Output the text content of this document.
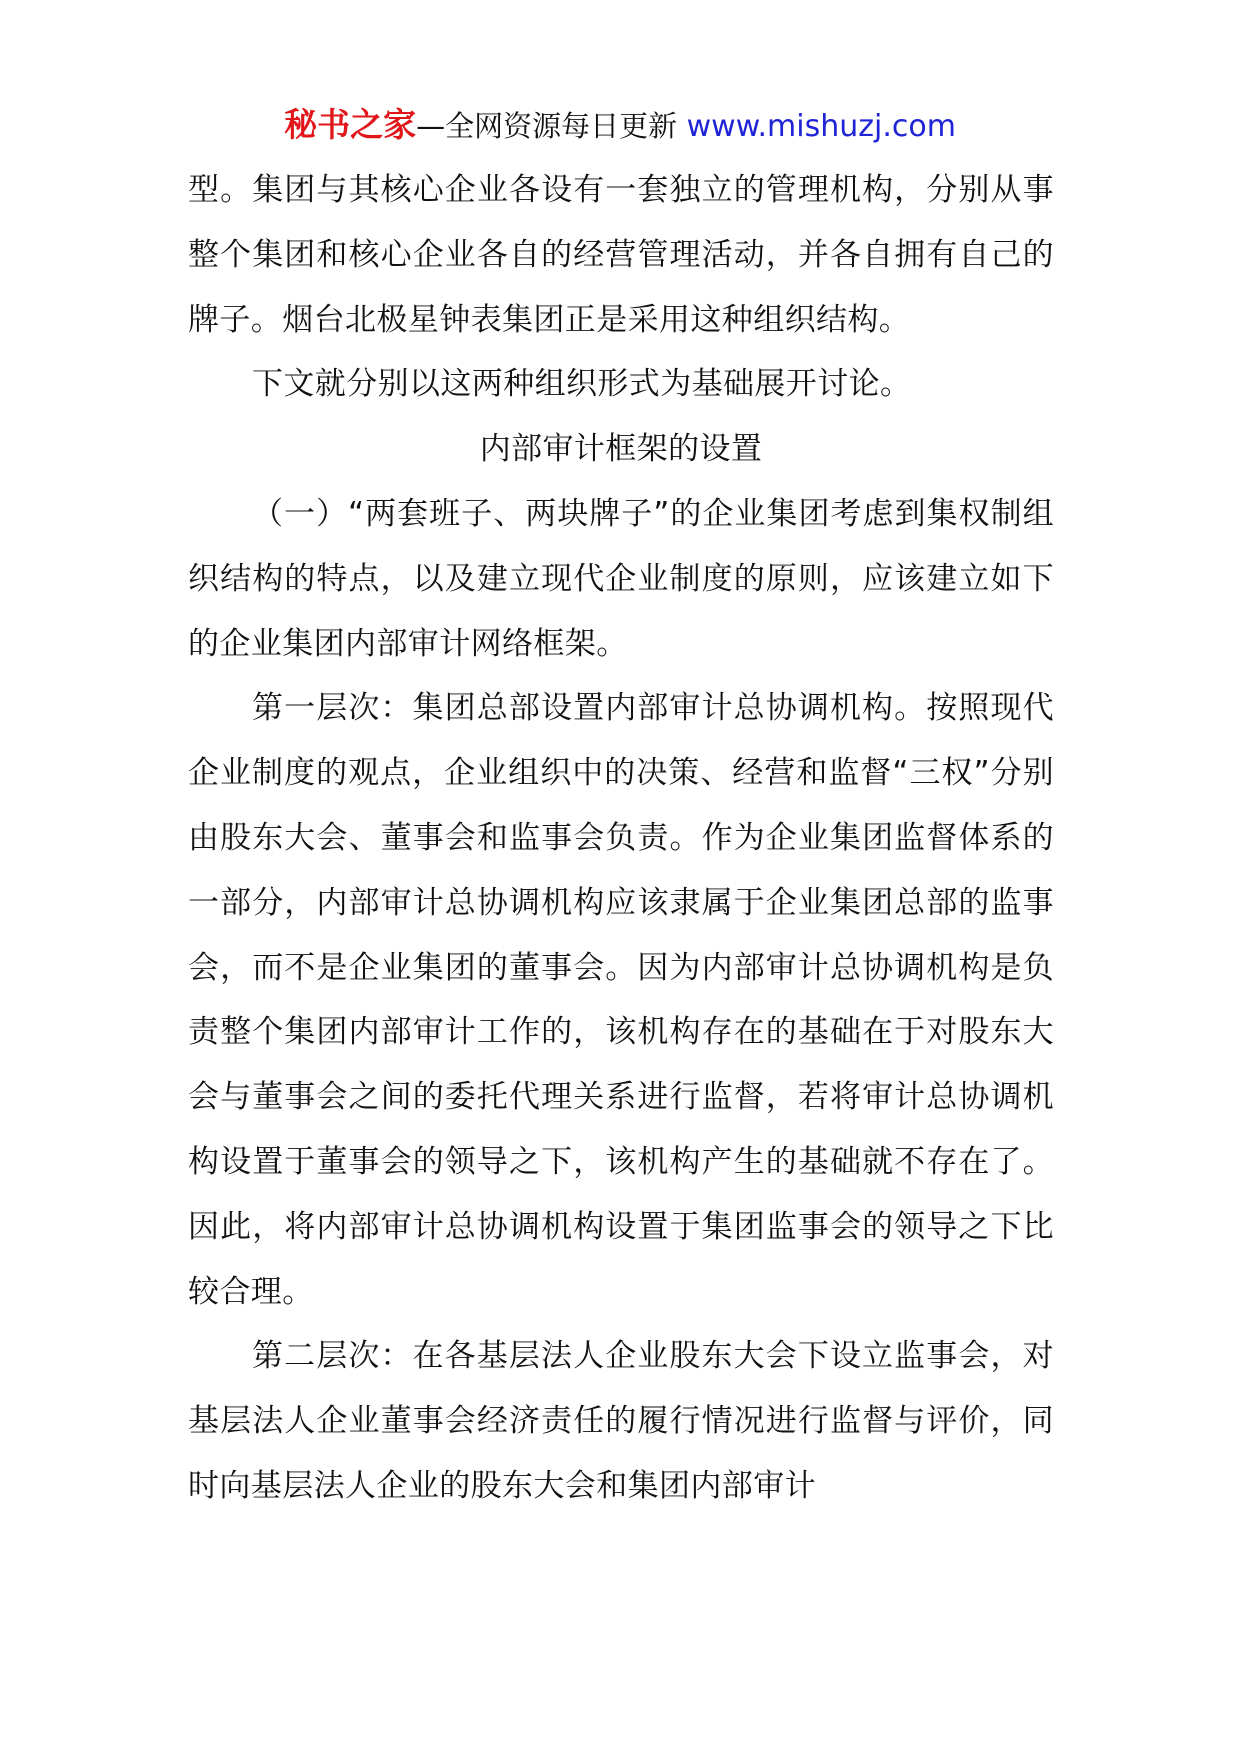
秘书之家—全网资源每日更新 www.mishuzj.com

型。集团与其核心企业各设有一套独立的管理机构，分别从事整个集团和核心企业各自的经营管理活动，并各自拥有自己的牌子。烟台北极星钟表集团正是采用这种组织结构。

下文就分别以这两种组织形式为基础展开讨论。

内部审计框架的设置

（一）“两套班子、两块牌子”的企业集团考虑到集权制组织结构的特点，以及建立现代企业制度的原则，应该建立如下的企业集团内部审计网络框架。

第一层次：集团总部设置内部审计总协调机构。按照现代企业制度的观点，企业组织中的决策、经营和监督“三权”分别由股东大会、董事会和监事会负责。作为企业集团监督体系的一部分，内部审计总协调机构应该隶属于企业集团总部的监事会，而不是企业集团的董事会。因为内部审计总协调机构是负责整个集团内部审计工作的，该机构存在的基础在于对股东大会与董事会之间的委托代理关系进行监督，若将审计总协调机构设置于董事会的领导之下，该机构产生的基础就不存在了。因此，将内部审计总协调机构设置于集团监事会的领导之下比较合理。

第二层次：在各基层法人企业股东大会下设立监事会，对基层法人企业董事会经济责任的履行情况进行监督与评价，同时向基层法人企业的股东大会和集团内部审计
